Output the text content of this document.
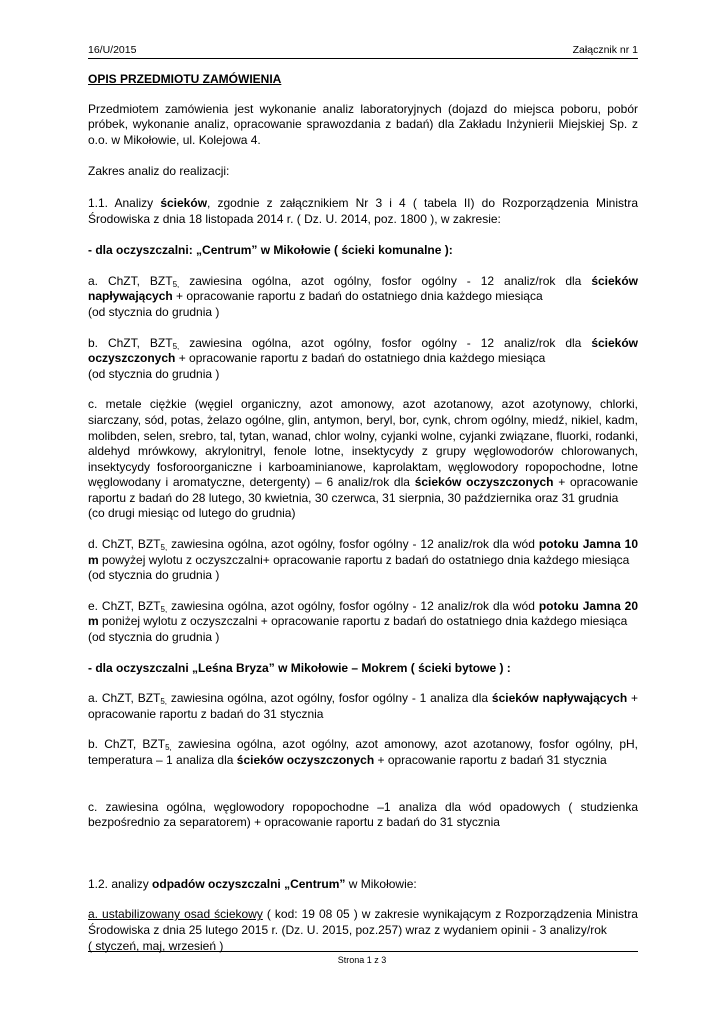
16/U/2015	Załącznik nr 1

OPIS PRZEDMIOTU ZAMÓWIENIA

Przedmiotem zamówienia jest wykonanie analiz laboratoryjnych (dojazd do miejsca poboru, pobór próbek, wykonanie analiz, opracowanie sprawozdania z badań) dla Zakładu Inżynierii Miejskiej Sp. z o.o. w Mikołowie, ul. Kolejowa 4.

Zakres analiz do realizacji:

1.1. Analizy ścieków, zgodnie z załącznikiem Nr 3 i 4 ( tabela II) do Rozporządzenia Ministra Środowiska z dnia 18 listopada 2014 r. ( Dz. U. 2014, poz. 1800 ), w zakresie:

- dla oczyszczalni: „Centrum” w Mikołowie ( ścieki komunalne ):

a. ChZT, $BZT_{5,}$ zawiesina ogólna, azot ogólny, fosfor ogólny - 12 analiz/rok dla ścieków napływających + opracowanie raportu z badań do ostatniego dnia każdego miesiąca

(od stycznia do grudnia )

b. ChZT, $BZT_{5,}$ zawiesina ogólna, azot ogólny, fosfor ogólny - 12 analiz/rok dla ścieków oczyszczonych + opracowanie raportu z badań do ostatniego dnia każdego miesiąca

(od stycznia do grudnia )

c. metale ciężkie (węgiel organiczny, azot amonowy, azot azotanowy, azot azotynowy, chlorki, siarczany, sód, potas, żelazo ogólne, glin, antymon, beryl, bor, cynk, chrom ogólny, miedź, nikiel, kadm, molibden, selen, srebro, tal, tytan, wanad, chlor wolny, cyjanki wolne, cyjanki związane, fluorki, rodanki, aldehyd mrówkowy, akrylonitryl, fenole lotne, insektycydy z grupy węglowodorów chlorowanych, insektycydy fosforoorganiczne i karboaminianowe, kaprolaktam, węglowodory ropopochodne, lotne węglowodany i aromatyczne, detergenty) – 6 analiz/rok dla ścieków oczyszczonych + opracowanie raportu z badań do 28 lutego, 30 kwietnia, 30 czerwca, 31 sierpnia, 30 października oraz 31 grudnia

(co drugi miesiąc od lutego do grudnia)

d. ChZT, $BZT_{5,}$ zawiesina ogólna, azot ogólny, fosfor ogólny - 12 analiz/rok dla wód potoku Jamna 10 m powyżej wylotu z oczyszczalni+ opracowanie raportu z badań do ostatniego dnia każdego miesiąca

(od stycznia do grudnia )

e. ChZT, $BZT_{5,}$ zawiesina ogólna, azot ogólny, fosfor ogólny - 12 analiz/rok dla wód potoku Jamna 20 m poniżej wylotu z oczyszczalni + opracowanie raportu z badań do ostatniego dnia każdego miesiąca

(od stycznia do grudnia )

- dla oczyszczalni „Leśna Bryza” w Mikołowie – Mokrem ( ścieki bytowe ) :

a. ChZT, $BZT_{5,}$ zawiesina ogólna, azot ogólny, fosfor ogólny - 1 analiza dla ścieków napływających + opracowanie raportu z badań do 31 stycznia

b. ChZT, $BZT_{5,}$ zawiesina ogólna, azot ogólny, azot amonowy, azot azotanowy, fosfor ogólny, pH, temperatura – 1 analiza dla ścieków oczyszczonych + opracowanie raportu z badań 31 stycznia

c. zawiesina ogólna, węglowodory ropopochodne –1 analiza dla wód opadowych ( studzienka bezpośrednio za separatorem) + opracowanie raportu z badań do 31 stycznia

1.2. analizy odpadów oczyszczalni „Centrum” w Mikołowie:

a. ustabilizowany osad ściekowy ( kod: 19 08 05 ) w zakresie wynikającym z Rozporządzenia Ministra Środowiska z dnia 25 lutego 2015 r. (Dz. U. 2015, poz.257) wraz z wydaniem opinii - 3 analizy/rok

( styczeń, maj, wrzesień )

Strona 1 z 3
